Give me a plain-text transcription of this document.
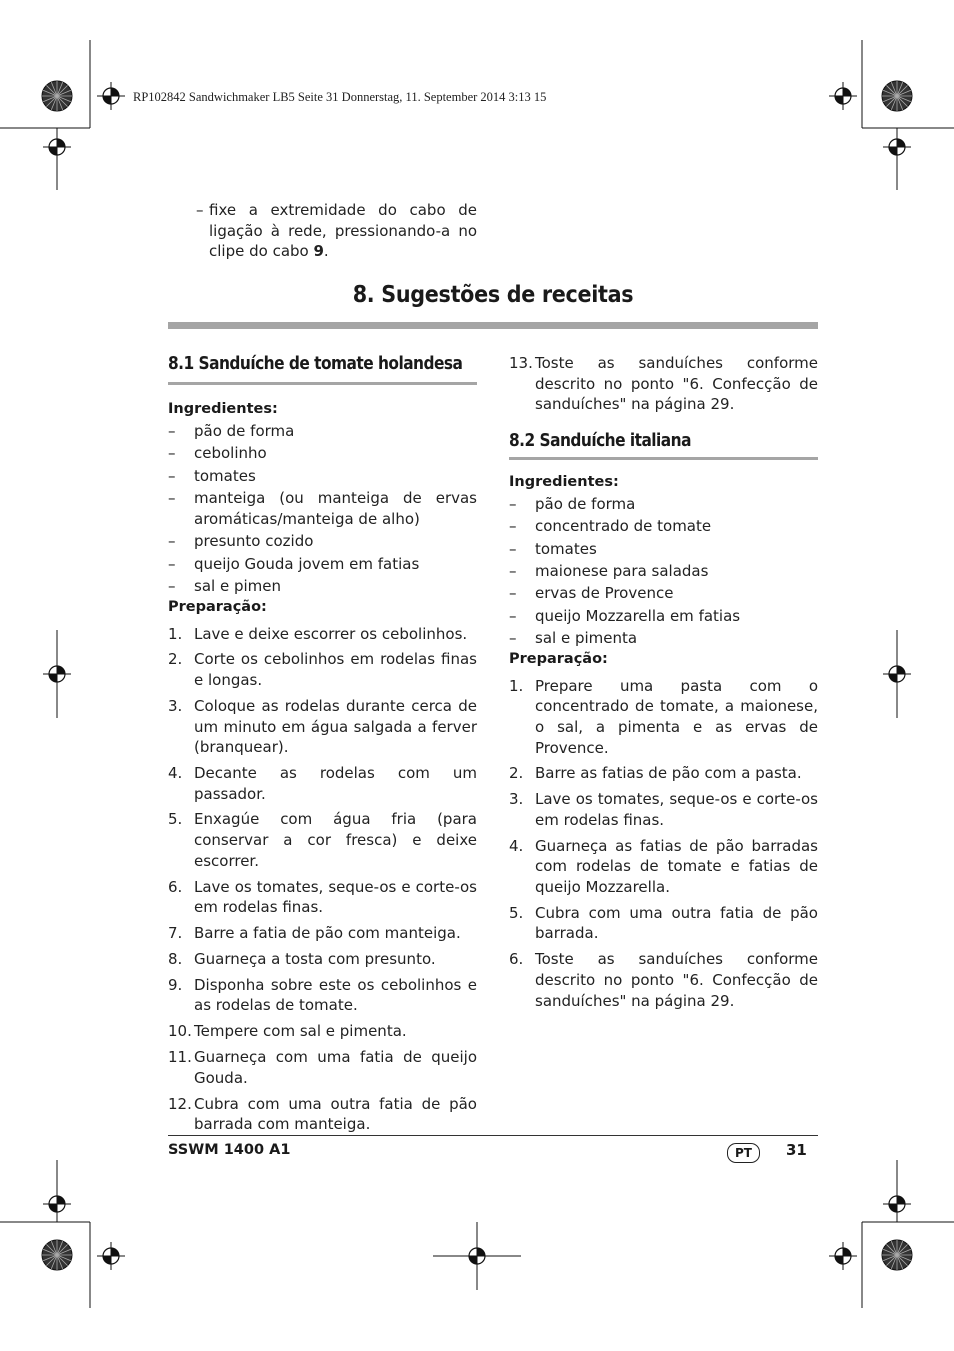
RP102842 Sandwichmaker LB5 Seite 31 Donnerstag, 11. September 2014 3:13 15
– fixe a extremidade do cabo de ligação à rede, pressionando-a no clipe do cabo 9.
8. Sugestões de receitas
8.1 Sanduíche de tomate holandesa
Ingredientes:
– pão de forma
– cebolinho
– tomates
– manteiga (ou manteiga de ervas aromáticas/manteiga de alho)
– presunto cozido
– queijo Gouda jovem em fatias
– sal e pimen
Preparação:
1. Lave e deixe escorrer os cebolinhos.
2. Corte os cebolinhos em rodelas finas e longas.
3. Coloque as rodelas durante cerca de um minuto em água salgada a ferver (branquear).
4. Decante as rodelas com um passador.
5. Enxagúe com água fria (para conservar a cor fresca) e deixe escorrer.
6. Lave os tomates, seque-os e corte-os em rodelas finas.
7. Barre a fatia de pão com manteiga.
8. Guarneça a tosta com presunto.
9. Disponha sobre este os cebolinhos e as rodelas de tomate.
10. Tempere com sal e pimenta.
11. Guarneça com uma fatia de queijo Gouda.
12. Cubra com uma outra fatia de pão barrada com manteiga.
13. Toste as sanduíches conforme descrito no ponto "6. Confecção de sanduíches" na página 29.
8.2 Sanduíche italiana
Ingredientes:
– pão de forma
– concentrado de tomate
– tomates
– maionese para saladas
– ervas de Provence
– queijo Mozzarella em fatias
– sal e pimenta
Preparação:
1. Prepare uma pasta com o concentrado de tomate, a maionese, o sal, a pimenta e as ervas de Provence.
2. Barre as fatias de pão com a pasta.
3. Lave os tomates, seque-os e corte-os em rodelas finas.
4. Guarneça as fatias de pão barradas com rodelas de tomate e fatias de queijo Mozzarella.
5. Cubra com uma outra fatia de pão barrada.
6. Toste as sanduíches conforme descrito no ponto "6. Confecção de sanduíches" na página 29.
SSWM 1400 A1	PT	31
